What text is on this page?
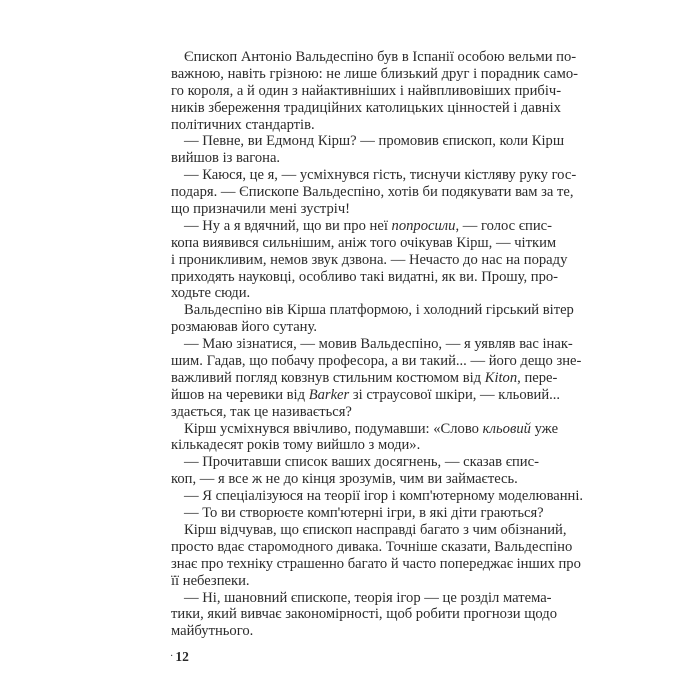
Єпископ Антоніо Вальдеспіно був в Іспанії особою вельми по-
важною, навіть грізною: не лише близький друг і порадник само-
го короля, а й один з найактивніших і найвпливовіших прибіч-
ників збереження традиційних католицьких цінностей і давніх
політичних стандартів.
— Певне, ви Едмонд Кірш? — промовив єпископ, коли Кірш
вийшов із вагона.
— Каюся, це я, — усміхнувся гість, тиснучи кістляву руку гос-
подаря. — Єпископе Вальдеспіно, хотів би подякувати вам за те,
що призначили мені зустріч!
— Ну а я вдячний, що ви про неї попросили, — голос єпис-
копа виявився сильнішим, аніж того очікував Кірш, — чітким
і проникливим, немов звук дзвона. — Нечасто до нас на пораду
приходять науковці, особливо такі видатні, як ви. Прошу, про-
ходьте сюди.
Вальдеспіно вів Кірша платформою, і холодний гірський вітер
розмаював його сутану.
— Маю зізнатися, — мовив Вальдеспіно, — я уявляв вас інак-
шим. Гадав, що побачу професора, а ви такий... — його дещо зне-
важливий погляд ковзнув стильним костюмом від Kiton, пере-
йшов на черевики від Barker зі страусової шкіри, — кльовий...
здається, так це називається?
Кірш усміхнувся ввічливо, подумавши: «Слово кльовий уже
кількадесят років тому вийшло з моди».
— Прочитавши список ваших досягнень, — сказав єпис-
коп, — я все ж не до кінця зрозумів, чим ви займаєтесь.
— Я спеціалізуюся на теорії ігор і комп'ютерному моделюванні.
— То ви створюєте комп'ютерні ігри, в які діти граються?
Кірш відчував, що єпископ насправді багато з чим обізнаний,
просто вдає старомодного дивака. Точніше сказати, Вальдеспіно
знає про техніку страшенно багато й часто попереджає інших про
її небезпеки.
— Ні, шановний єпископе, теорія ігор — це розділ матема-
тики, який вивчає закономірності, щоб робити прогнози щодо
майбутнього.
· 12
